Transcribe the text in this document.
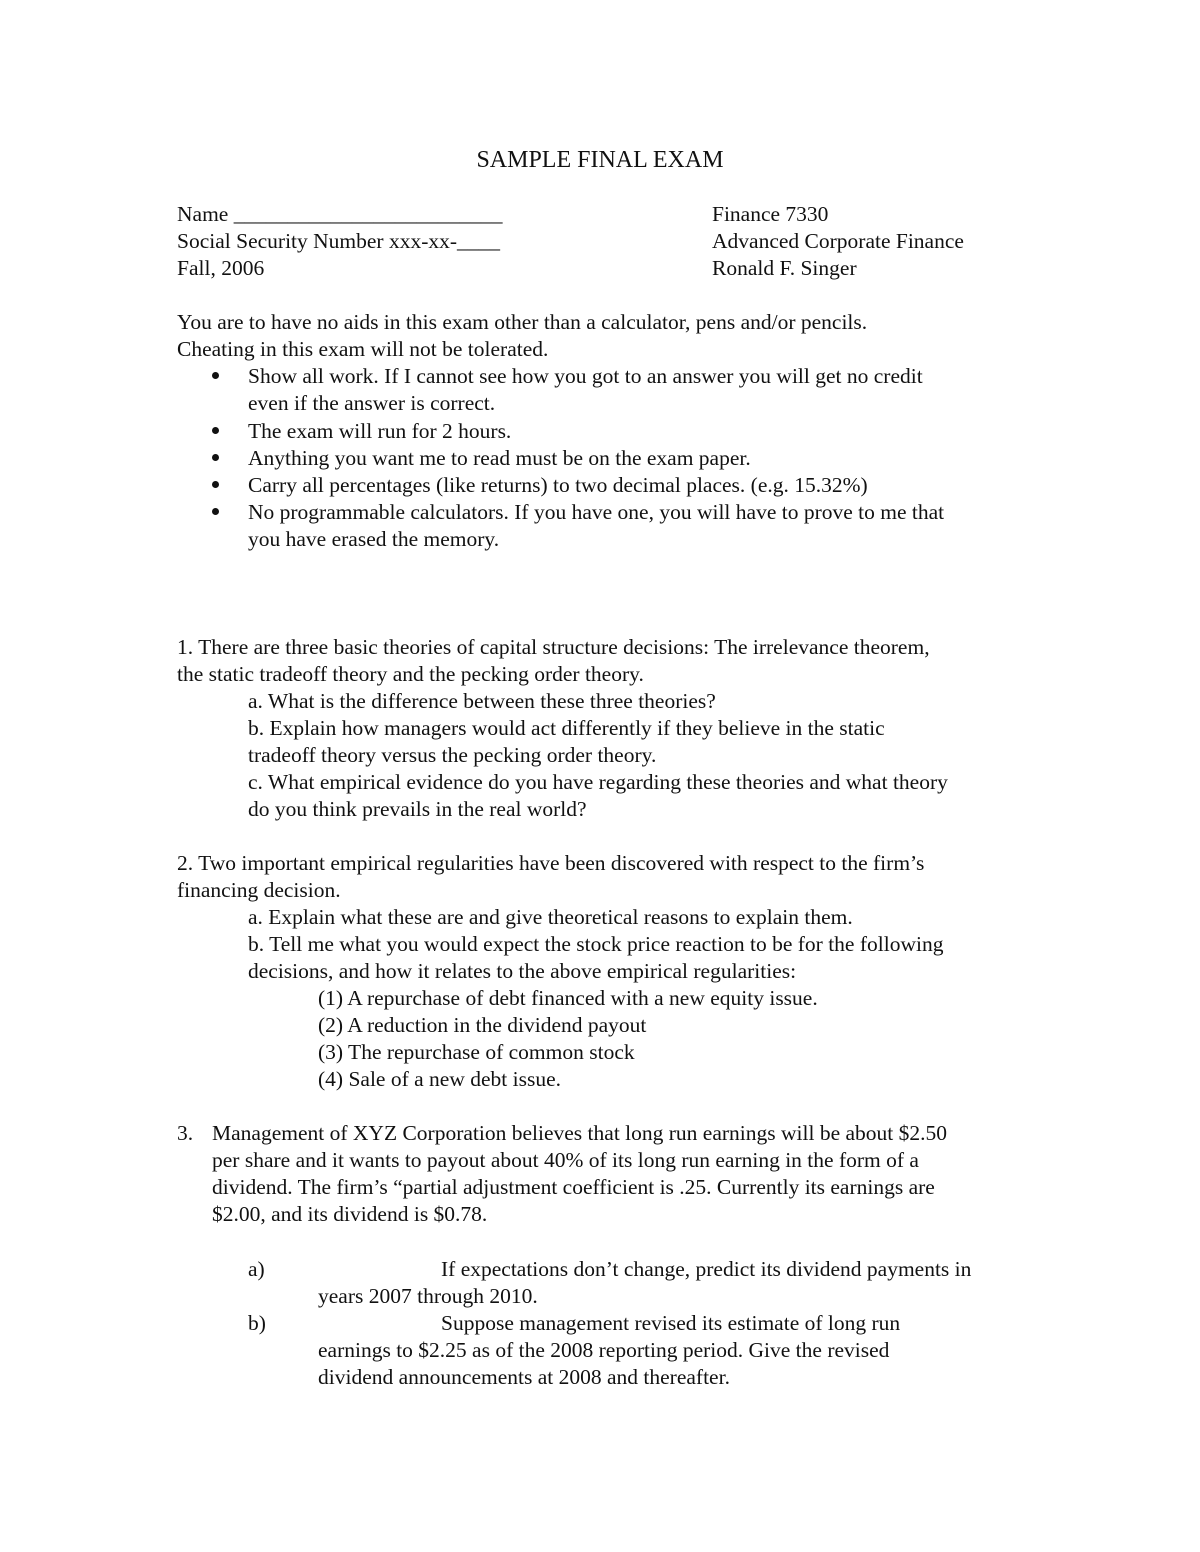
SAMPLE FINAL EXAM
Name _________________________
Social Security Number xxx-xx-____
Fall, 2006
Finance 7330
Advanced Corporate Finance
Ronald F. Singer
You are to have no aids in this exam other than a calculator, pens and/or pencils.
Cheating in this exam will not be tolerated.
Show all work. If I cannot see how you got to an answer you will get no credit
even if the answer is correct.
The exam will run for 2 hours.
Anything you want me to read must be on the exam paper.
Carry all percentages (like returns) to two decimal places. (e.g. 15.32%)
No programmable calculators. If you have one, you will have to prove to me that
you have erased the memory.
1. There are three basic theories of capital structure decisions: The irrelevance theorem,
the static tradeoff theory and the pecking order theory.
a. What is the difference between these three theories?
b. Explain how managers would act differently if they believe in the static
tradeoff theory versus the pecking order theory.
c. What empirical evidence do you have regarding these theories and what theory
do you think prevails in the real world?
2. Two important empirical regularities have been discovered with respect to the firm’s
financing decision.
a. Explain what these are and give theoretical reasons to explain them.
b. Tell me what you would expect the stock price reaction to be for the following
decisions, and how it relates to the above empirical regularities:
(1) A repurchase of debt financed with a new equity issue.
(2) A reduction in the dividend payout
(3) The repurchase of common stock
(4) Sale of a new debt issue.
3. Management of XYZ Corporation believes that long run earnings will be about $2.50
per share and it wants to payout about 40% of its long run earning in the form of a
dividend. The firm’s “partial adjustment coefficient is .25. Currently its earnings are
$2.00, and its dividend is $0.78.
a)	If expectations don’t change, predict its dividend payments in
years 2007 through 2010.
b)	Suppose management revised its estimate of long run
earnings to $2.25 as of the 2008 reporting period. Give the revised
dividend announcements at 2008 and thereafter.
